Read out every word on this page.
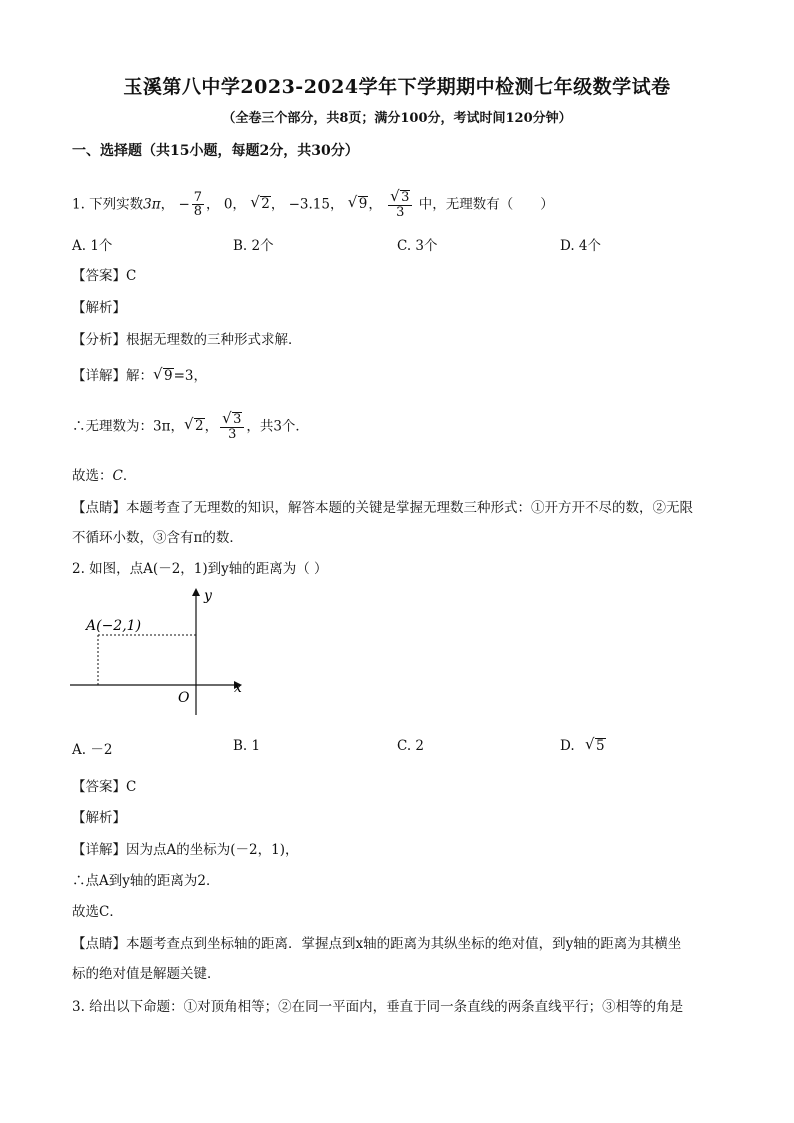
玉溪第八中学2023-2024学年下学期期中检测七年级数学试卷
（全卷三个部分，共8页；满分100分，考试时间120分钟）
一、选择题（共15小题，每题2分，共30分）
1. 下列实数3π， − $\frac{7}{8}$ ， 0， √ 2， −3.15， √ 9， √ $\frac{3}{3}$ 中，无理数有（　　）
A. 1个	B. 2个	C. 3个	D. 4个
【答案】C
【解析】
【分析】根据无理数的三种形式求解．
【详解】解： √ 9=3，
∴无理数为：3π， √ 2， √ $\frac{3}{3}$ ，共3个．
故选：C．
【点睛】本题考查了无理数的知识，解答本题的关键是掌握无理数三种形式：①开方开不尽的数，②无限
不循环小数，③含有π的数．
2. 如图，点A(－2，1)到y轴的距离为（ ）
A(−2,1)
y
x
O
A. －2	B. 1	C. 2	D. √ 5
【答案】C
【解析】
【详解】因为点A的坐标为(－2，1)，
∴点A到y轴的距离为2．
故选C．
【点睛】本题考查点到坐标轴的距离．掌握点到x轴的距离为其纵坐标的绝对值，到y轴的距离为其横坐
标的绝对值是解题关键．
3. 给出以下命题：①对顶角相等；②在同一平面内，垂直于同一条直线的两条直线平行；③相等的角是
